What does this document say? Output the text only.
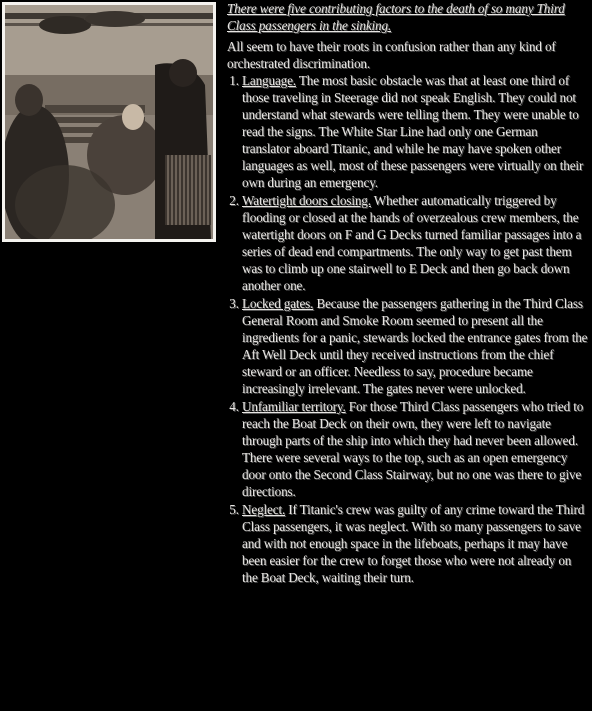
There were five contributing factors to the death of so many Third Class passengers in the sinking.

All seem to have their roots in confusion rather than any kind of orchestrated discrimination.

1. Language. The most basic obstacle was that at least one third of those traveling in Steerage did not speak English. They could not understand what stewards were telling them. They were unable to read the signs. The White Star Line had only one German translator aboard Titanic, and while he may have spoken other languages as well, most of these passengers were virtually on their own during an emergency.
2. Watertight doors closing. Whether automatically triggered by flooding or closed at the hands of overzealous crew members, the watertight doors on F and G Decks turned familiar passages into a series of dead end compartments. The only way to get past them was to climb up one stairwell to E Deck and then go back down another one.
3. Locked gates. Because the passengers gathering in the Third Class General Room and Smoke Room seemed to present all the ingredients for a panic, stewards locked the entrance gates from the Aft Well Deck until they received instructions from the chief steward or an officer. Needless to say, procedure became increasingly irrelevant. The gates never were unlocked.
4. Unfamiliar territory. For those Third Class passengers who tried to reach the Boat Deck on their own, they were left to navigate through parts of the ship into which they had never been allowed. There were several ways to the top, such as an open emergency door onto the Second Class Stairway, but no one was there to give directions.
5. Neglect. If Titanic's crew was guilty of any crime toward the Third Class passengers, it was neglect. With so many passengers to save and with not enough space in the lifeboats, perhaps it may have been easier for the crew to forget those who were not already on the Boat Deck, waiting their turn.
